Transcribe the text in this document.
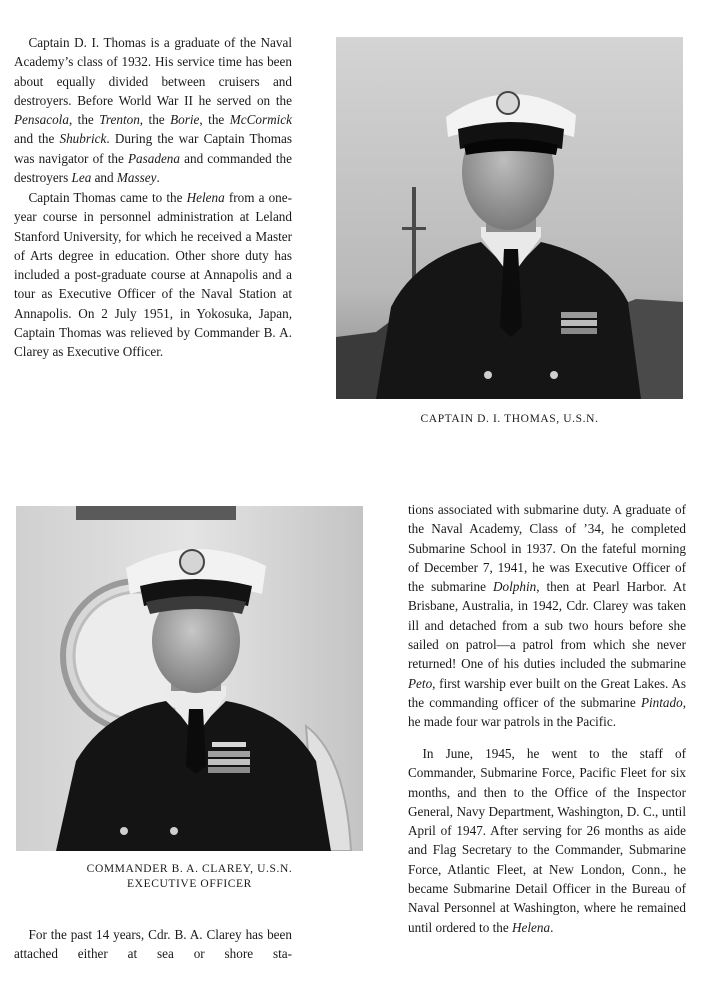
Captain D. I. Thomas is a graduate of the Naval Academy’s class of 1932. His service time has been about equally divided between cruisers and destroyers. Before World War II he served on the Pensacola, the Trenton, the Borie, the McCormick and the Shubrick. During the war Captain Thomas was navigator of the Pasadena and commanded the destroyers Lea and Massey.

Captain Thomas came to the Helena from a one-year course in personnel administration at Leland Stanford University, for which he received a Master of Arts degree in education. Other shore duty has included a post-graduate course at Annapolis and a tour as Executive Officer of the Naval Station at Annapolis. On 2 July 1951, in Yokosuka, Japan, Captain Thomas was relieved by Commander B. A. Clarey as Executive Officer.

CAPTAIN D. I. THOMAS, U.S.N.

COMMANDER B. A. CLAREY, U.S.N.
EXECUTIVE OFFICER

tions associated with submarine duty. A graduate of the Naval Academy, Class of ’34, he completed Submarine School in 1937. On the fateful morning of December 7, 1941, he was Executive Officer of the submarine Dolphin, then at Pearl Harbor. At Brisbane, Australia, in 1942, Cdr. Clarey was taken ill and detached from a sub two hours before she sailed on patrol—a patrol from which she never returned! One of his duties included the submarine Peto, first warship ever built on the Great Lakes. As the commanding officer of the submarine Pintado, he made four war patrols in the Pacific.

In June, 1945, he went to the staff of Commander, Submarine Force, Pacific Fleet for six months, and then to the Office of the Inspector General, Navy Department, Washington, D. C., until April of 1947. After serving for 26 months as aide and Flag Secretary to the Commander, Submarine Force, Atlantic Fleet, at New London, Conn., he became Submarine Detail Officer in the Bureau of Naval Personnel at Washington, where he remained until ordered to the Helena.

For the past 14 years, Cdr. B. A. Clarey has been attached either at sea or shore sta-
